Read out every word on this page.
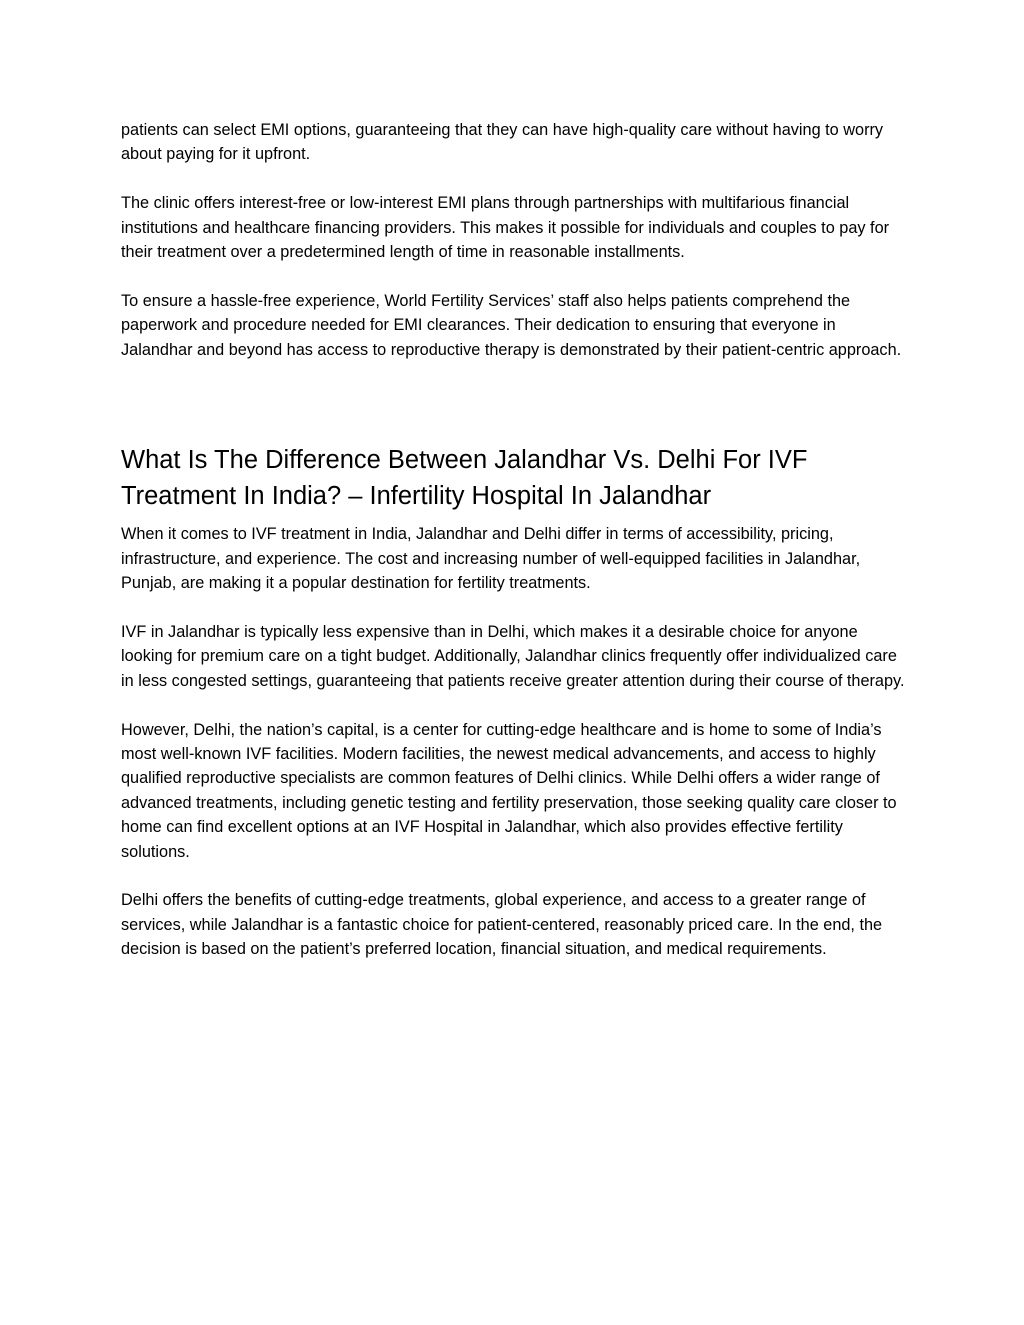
patients can select EMI options, guaranteeing that they can have high-quality care without having to worry about paying for it upfront.

The clinic offers interest-free or low-interest EMI plans through partnerships with multifarious financial institutions and healthcare financing providers. This makes it possible for individuals and couples to pay for their treatment over a predetermined length of time in reasonable installments.

To ensure a hassle-free experience, World Fertility Services’ staff also helps patients comprehend the paperwork and procedure needed for EMI clearances. Their dedication to ensuring that everyone in Jalandhar and beyond has access to reproductive therapy is demonstrated by their patient-centric approach.

What Is The Difference Between Jalandhar Vs. Delhi For IVF Treatment In India? – Infertility Hospital In Jalandhar

When it comes to IVF treatment in India, Jalandhar and Delhi differ in terms of accessibility, pricing, infrastructure, and experience. The cost and increasing number of well-equipped facilities in Jalandhar, Punjab, are making it a popular destination for fertility treatments.

IVF in Jalandhar is typically less expensive than in Delhi, which makes it a desirable choice for anyone looking for premium care on a tight budget. Additionally, Jalandhar clinics frequently offer individualized care in less congested settings, guaranteeing that patients receive greater attention during their course of therapy.

However, Delhi, the nation’s capital, is a center for cutting-edge healthcare and is home to some of India’s most well-known IVF facilities. Modern facilities, the newest medical advancements, and access to highly qualified reproductive specialists are common features of Delhi clinics. While Delhi offers a wider range of advanced treatments, including genetic testing and fertility preservation, those seeking quality care closer to home can find excellent options at an IVF Hospital in Jalandhar, which also provides effective fertility solutions.

Delhi offers the benefits of cutting-edge treatments, global experience, and access to a greater range of services, while Jalandhar is a fantastic choice for patient-centered, reasonably priced care. In the end, the decision is based on the patient’s preferred location, financial situation, and medical requirements.
